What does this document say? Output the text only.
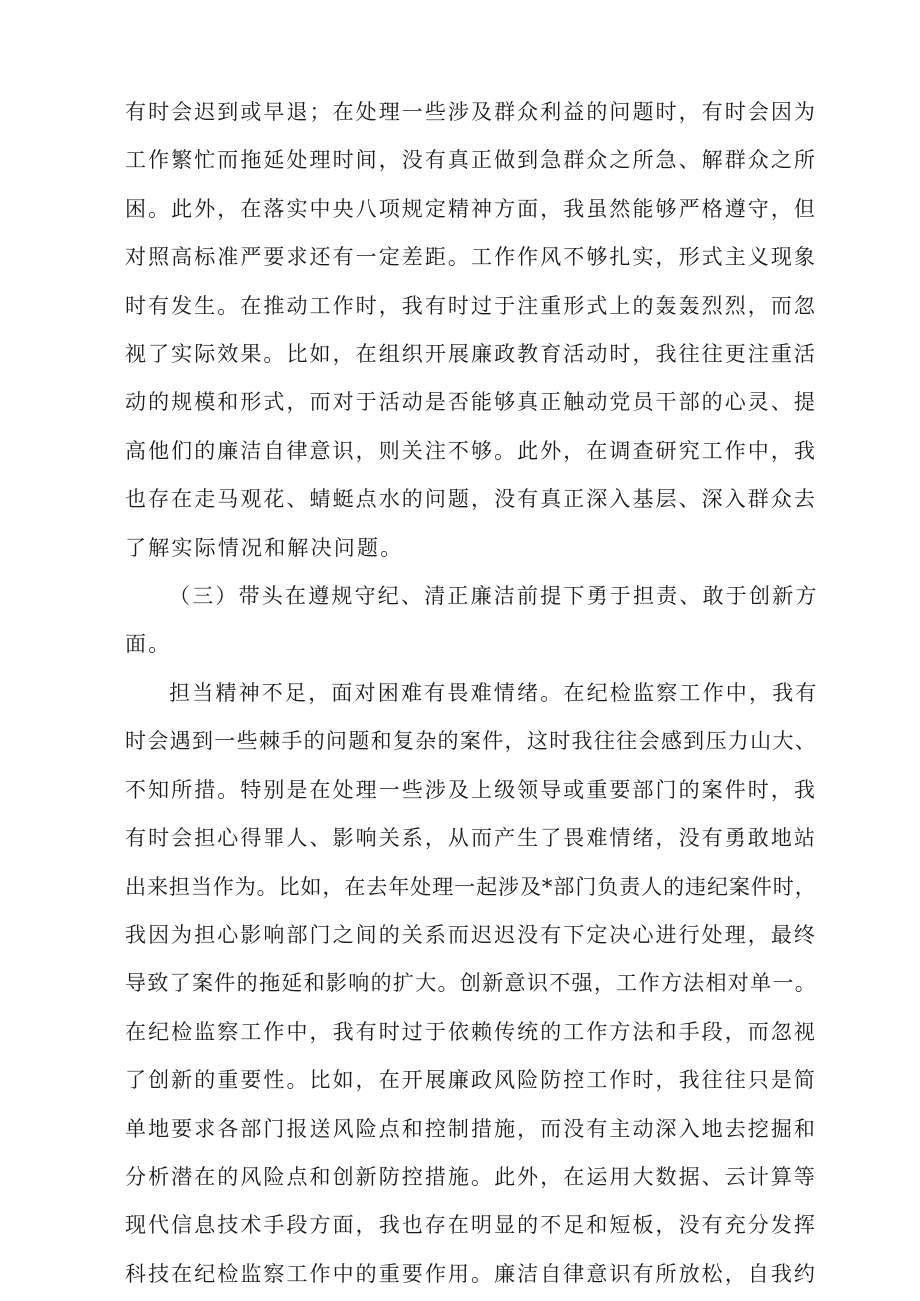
有时会迟到或早退；在处理一些涉及群众利益的问题时，有时会因为
工作繁忙而拖延处理时间，没有真正做到急群众之所急、解群众之所
困。此外，在落实中央八项规定精神方面，我虽然能够严格遵守，但
对照高标准严要求还有一定差距。工作作风不够扎实，形式主义现象
时有发生。在推动工作时，我有时过于注重形式上的轰轰烈烈，而忽
视了实际效果。比如，在组织开展廉政教育活动时，我往往更注重活
动的规模和形式，而对于活动是否能够真正触动党员干部的心灵、提
高他们的廉洁自律意识，则关注不够。此外，在调查研究工作中，我
也存在走马观花、蜻蜓点水的问题，没有真正深入基层、深入群众去
了解实际情况和解决问题。

（三）带头在遵规守纪、清正廉洁前提下勇于担责、敢于创新方
面。

担当精神不足，面对困难有畏难情绪。在纪检监察工作中，我有
时会遇到一些棘手的问题和复杂的案件，这时我往往会感到压力山大、
不知所措。特别是在处理一些涉及上级领导或重要部门的案件时，我
有时会担心得罪人、影响关系，从而产生了畏难情绪，没有勇敢地站
出来担当作为。比如，在去年处理一起涉及*部门负责人的违纪案件时，
我因为担心影响部门之间的关系而迟迟没有下定决心进行处理，最终
导致了案件的拖延和影响的扩大。创新意识不强，工作方法相对单一。
在纪检监察工作中，我有时过于依赖传统的工作方法和手段，而忽视
了创新的重要性。比如，在开展廉政风险防控工作时，我往往只是简
单地要求各部门报送风险点和控制措施，而没有主动深入地去挖掘和
分析潜在的风险点和创新防控措施。此外，在运用大数据、云计算等
现代信息技术手段方面，我也存在明显的不足和短板，没有充分发挥
科技在纪检监察工作中的重要作用。廉洁自律意识有所放松，自我约
